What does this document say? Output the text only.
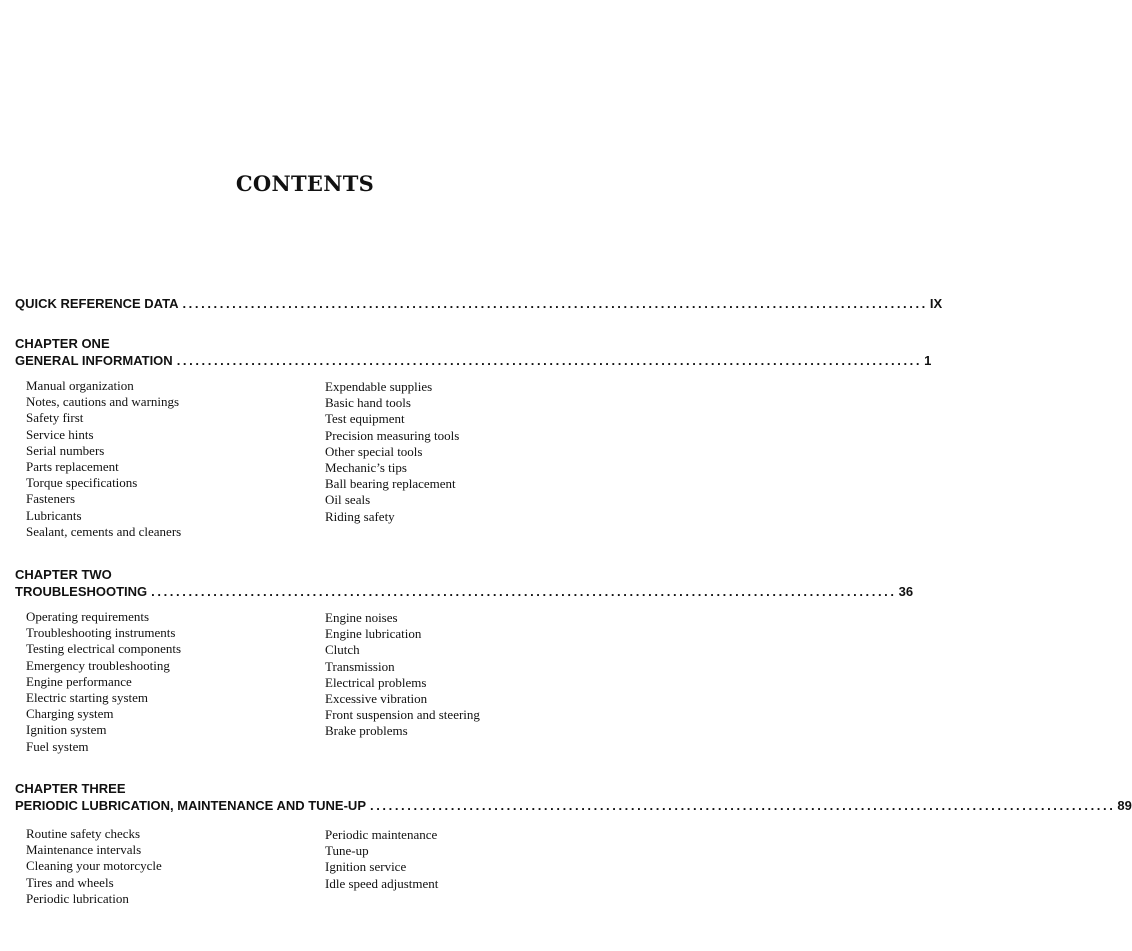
CONTENTS
QUICK REFERENCE DATA ........................................................................................................................ IX
CHAPTER ONE
GENERAL INFORMATION ........................................................................................................................ 1
Manual organization
Notes, cautions and warnings
Safety first
Service hints
Serial numbers
Parts replacement
Torque specifications
Fasteners
Lubricants
Sealant, cements and cleaners
Expendable supplies
Basic hand tools
Test equipment
Precision measuring tools
Other special tools
Mechanic’s tips
Ball bearing replacement
Oil seals
Riding safety
CHAPTER TWO
TROUBLESHOOTING ........................................................................................................................ 36
Operating requirements
Troubleshooting instruments
Testing electrical components
Emergency troubleshooting
Engine performance
Electric starting system
Charging system
Ignition system
Fuel system
Engine noises
Engine lubrication
Clutch
Transmission
Electrical problems
Excessive vibration
Front suspension and steering
Brake problems
CHAPTER THREE
PERIODIC LUBRICATION, MAINTENANCE AND TUNE-UP ........................................................................................................................ 89
Routine safety checks
Maintenance intervals
Cleaning your motorcycle
Tires and wheels
Periodic lubrication
Periodic maintenance
Tune-up
Ignition service
Idle speed adjustment
